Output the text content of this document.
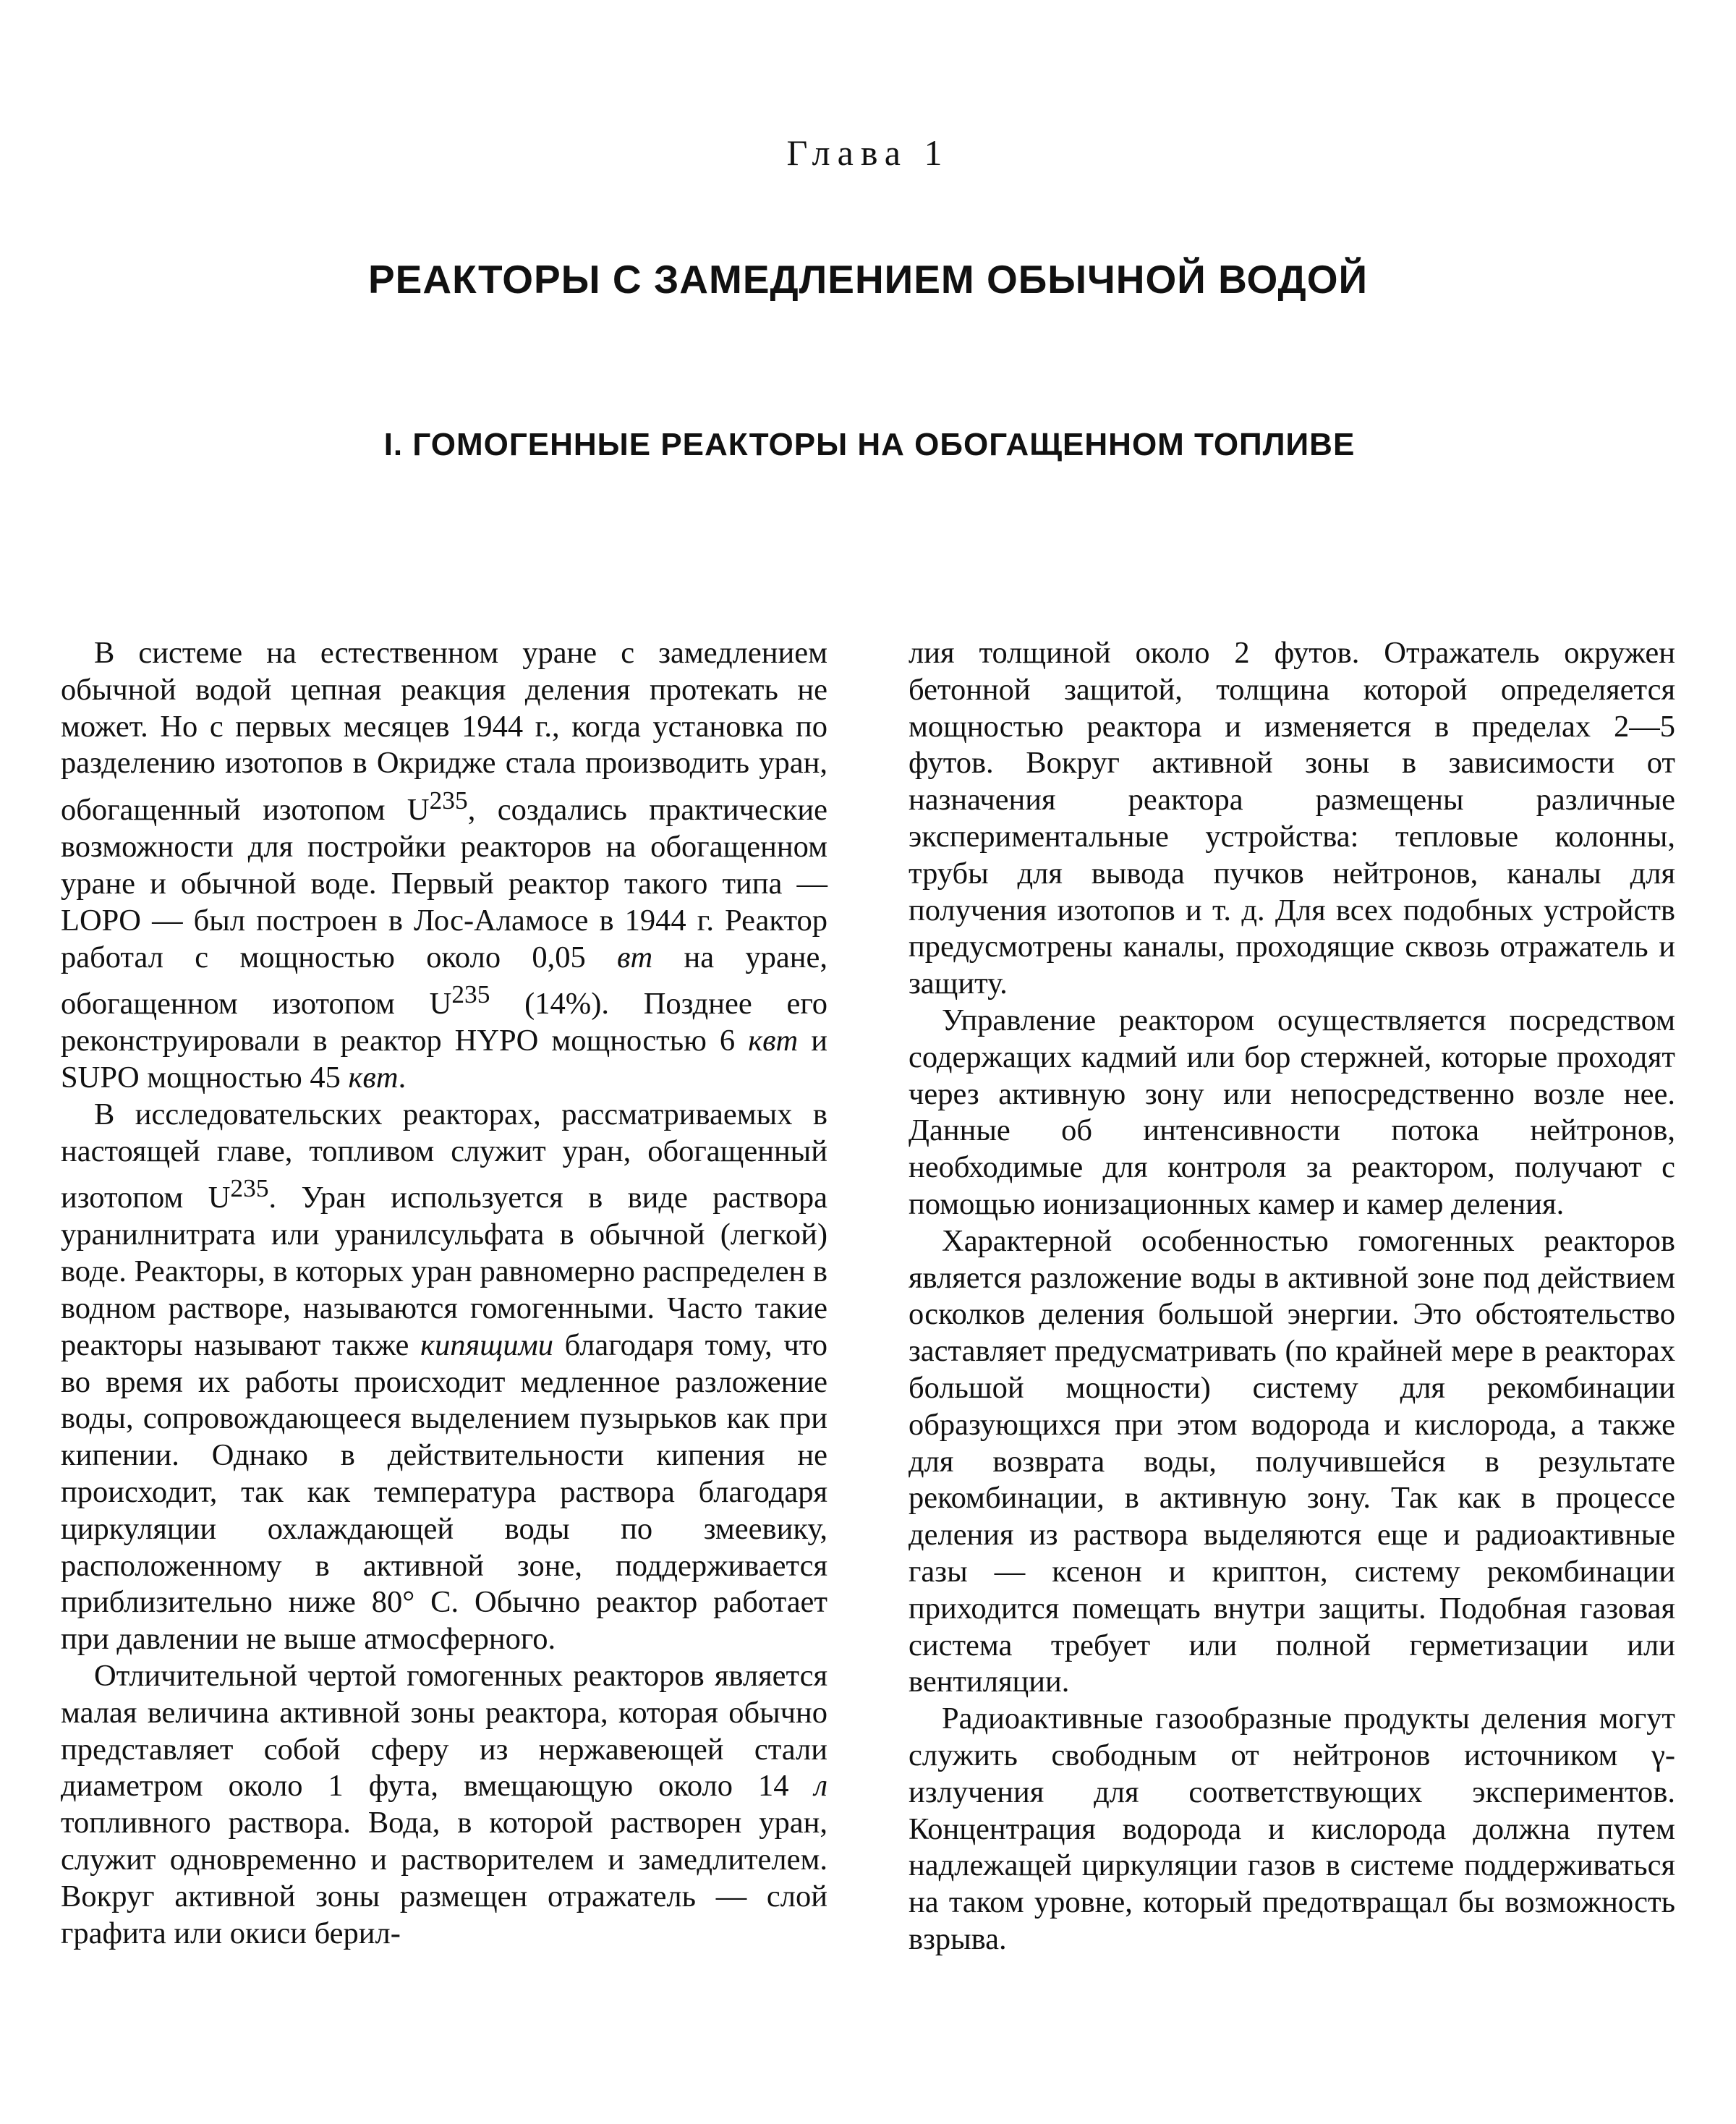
Глава 1
РЕАКТОРЫ С ЗАМЕДЛЕНИЕМ ОБЫЧНОЙ ВОДОЙ
I. ГОМОГЕННЫЕ РЕАКТОРЫ НА ОБОГАЩЕННОМ ТОПЛИВЕ

В системе на естественном уране с замедлением обычной водой цепная реакция деления протекать не может. Но с первых месяцев 1944 г., когда установка по разделению изотопов в Окридже стала производить уран, обогащенный изотопом $U^{235}$, создались практические возможности для постройки реакторов на обогащенном уране и обычной воде. Первый реактор такого типа — LOPO — был построен в Лос-Аламосе в 1944 г. Реактор работал с мощностью около 0,05 вт на уране, обогащенном изотопом $U^{235}$ (14%). Позднее его реконструировали в реактор HYPO мощностью 6 квт и SUPO мощностью 45 квт.

В исследовательских реакторах, рассматриваемых в настоящей главе, топливом служит уран, обогащенный изотопом $U^{235}$. Уран используется в виде раствора уранилнитрата или уранилсульфата в обычной (легкой) воде. Реакторы, в которых уран равномерно распределен в водном растворе, называются гомогенными. Часто такие реакторы называют также кипящими благодаря тому, что во время их работы происходит медленное разложение воды, сопровождающееся выделением пузырьков как при кипении. Однако в действительности кипения не происходит, так как температура раствора благодаря циркуляции охлаждающей воды по змеевику, расположенному в активной зоне, поддерживается приблизительно ниже 80° С. Обычно реактор работает при давлении не выше атмосферного.

Отличительной чертой гомогенных реакторов является малая величина активной зоны реактора, которая обычно представляет собой сферу из нержавеющей стали диаметром около 1 фута, вмещающую около 14 л топливного раствора. Вода, в которой растворен уран, служит одновременно и растворителем и замедлителем. Вокруг активной зоны размещен отражатель — слой графита или окиси берил-

лия толщиной около 2 футов. Отражатель окружен бетонной защитой, толщина которой определяется мощностью реактора и изменяется в пределах 2—5 футов. Вокруг активной зоны в зависимости от назначения реактора размещены различные экспериментальные устройства: тепловые колонны, трубы для вывода пучков нейтронов, каналы для получения изотопов и т. д. Для всех подобных устройств предусмотрены каналы, проходящие сквозь отражатель и защиту.

Управление реактором осуществляется посредством содержащих кадмий или бор стержней, которые проходят через активную зону или непосредственно возле нее. Данные об интенсивности потока нейтронов, необходимые для контроля за реактором, получают с помощью ионизационных камер и камер деления.

Характерной особенностью гомогенных реакторов является разложение воды в активной зоне под действием осколков деления большой энергии. Это обстоятельство заставляет предусматривать (по крайней мере в реакторах большой мощности) систему для рекомбинации образующихся при этом водорода и кислорода, а также для возврата воды, получившейся в результате рекомбинации, в активную зону. Так как в процессе деления из раствора выделяются еще и радиоактивные газы — ксенон и криптон, систему рекомбинации приходится помещать внутри защиты. Подобная газовая система требует или полной герметизации или вентиляции.

Радиоактивные газообразные продукты деления могут служить свободным от нейтронов источником γ-излучения для соответствующих экспериментов. Концентрация водорода и кислорода должна путем надлежащей циркуляции газов в системе поддерживаться на таком уровне, который предотвращал бы возможность взрыва.
